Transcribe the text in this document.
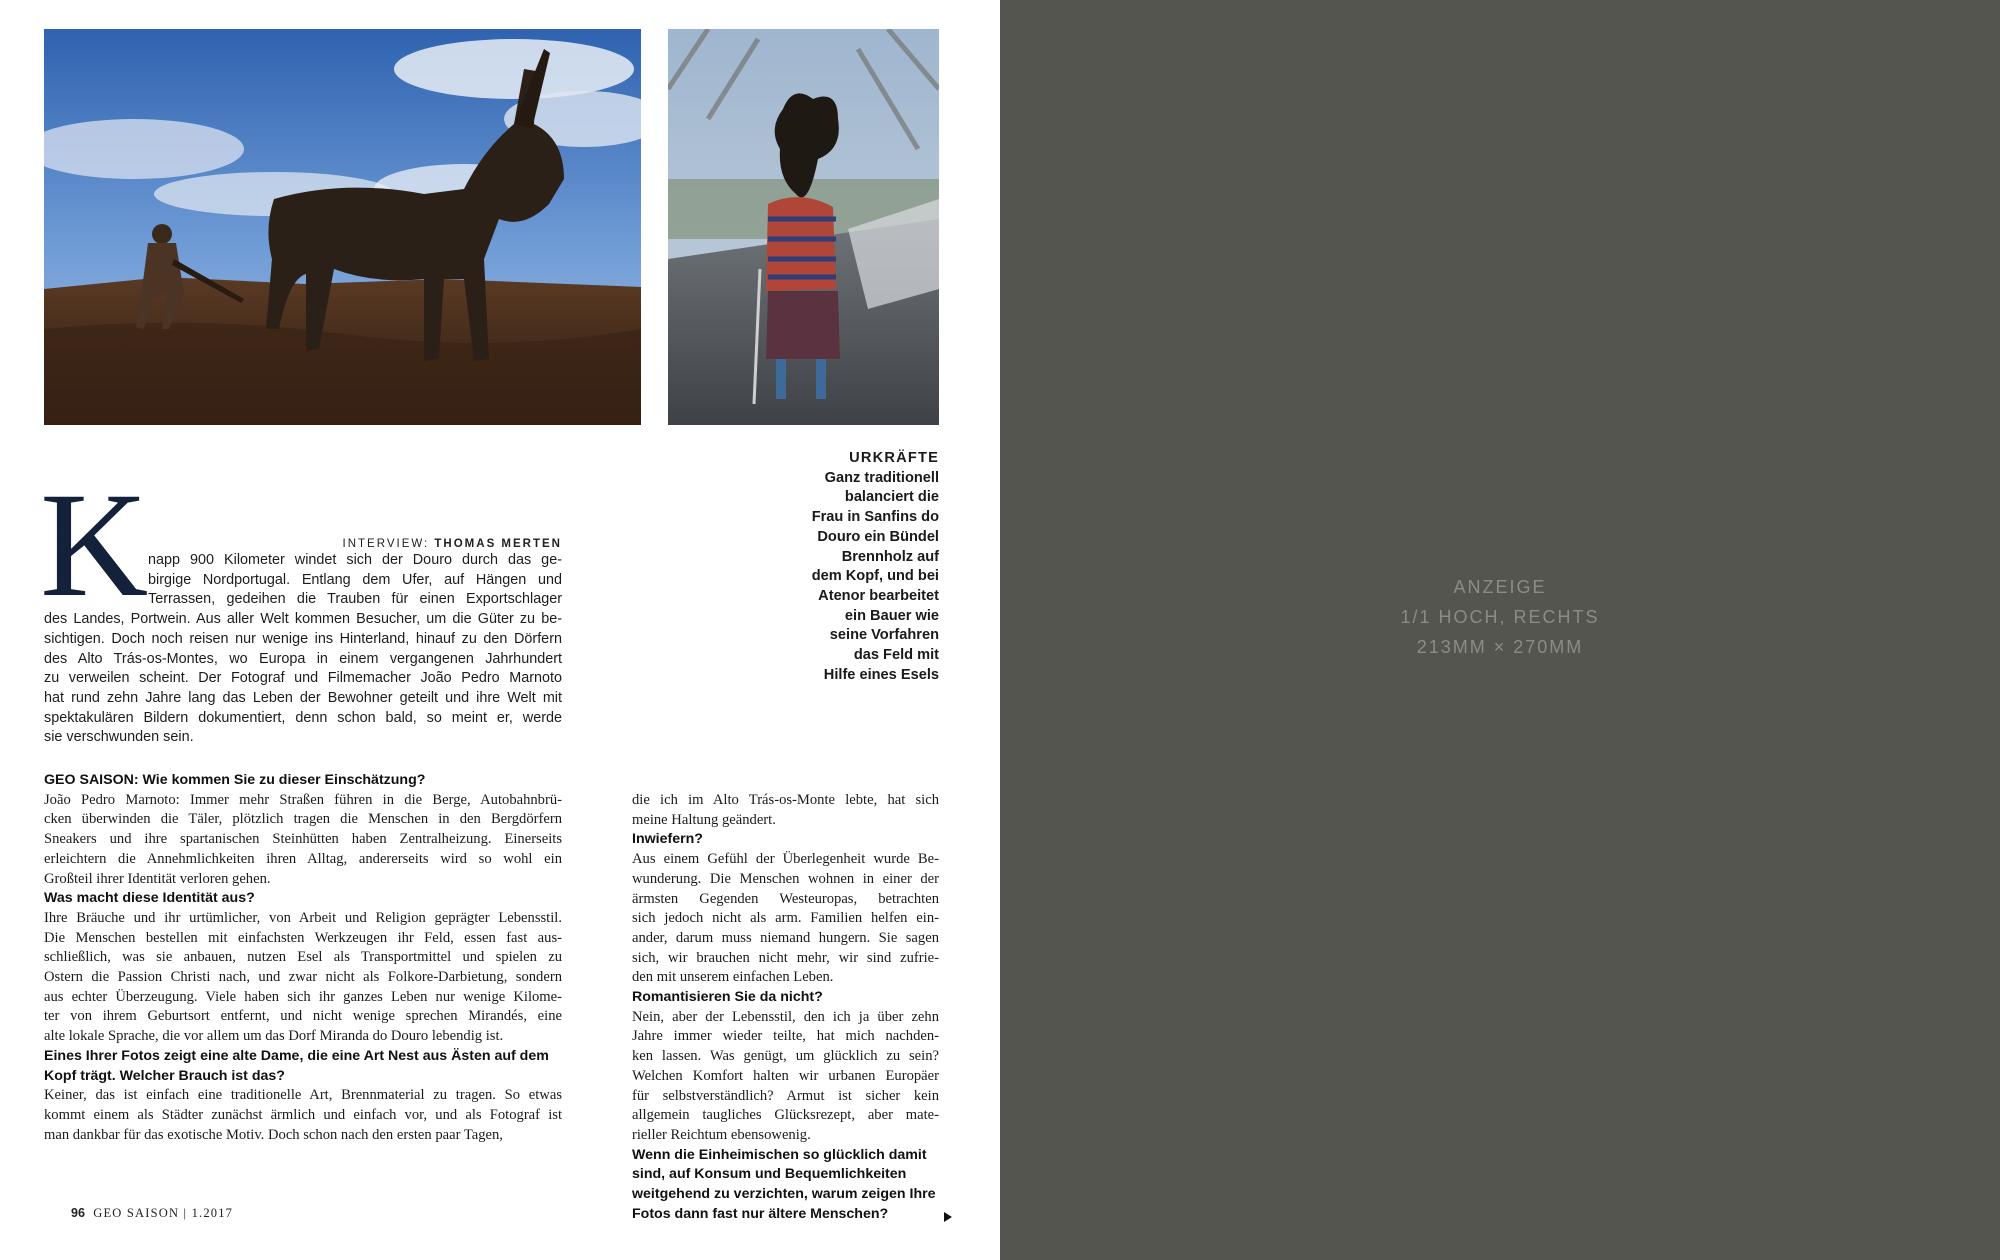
URKRÄFTE
Ganz traditionell
balanciert die
Frau in Sanfins do
Douro ein Bündel
Brennholz auf
dem Kopf, und bei
Atenor bearbeitet
ein Bauer wie
seine Vorfahren
das Feld mit
Hilfe eines Esels
K	INTERVIEW: THOMAS MERTEN
napp 900 Kilometer windet sich der Douro durch das ge-
birgige Nordportugal. Entlang dem Ufer, auf Hängen und
Terrassen, gedeihen die Trauben für einen Exportschlager
des Landes, Portwein. Aus aller Welt kommen Besucher, um die Güter zu be-
sichtigen. Doch noch reisen nur wenige ins Hinterland, hinauf zu den Dörfern
des Alto Trás-os-Montes, wo Europa in einem vergangenen Jahrhundert
zu verweilen scheint. Der Fotograf und Filmemacher João Pedro Marnoto
hat rund zehn Jahre lang das Leben der Bewohner geteilt und ihre Welt mit
spektakulären Bildern dokumentiert, denn schon bald, so meint er, werde
sie verschwunden sein.
GEO SAISON: Wie kommen Sie zu dieser Einschätzung?
João Pedro Marnoto: Immer mehr Straßen führen in die Berge, Autobahnbrü-
cken überwinden die Täler, plötzlich tragen die Menschen in den Bergdörfern
Sneakers und ihre spartanischen Steinhütten haben Zentralheizung. Einerseits
erleichtern die Annehmlichkeiten ihren Alltag, andererseits wird so wohl ein
Großteil ihrer Identität verloren gehen.
Was macht diese Identität aus?
Ihre Bräuche und ihr urtümlicher, von Arbeit und Religion geprägter Lebensstil.
Die Menschen bestellen mit einfachsten Werkzeugen ihr Feld, essen fast aus-
schließlich, was sie anbauen, nutzen Esel als Transportmittel und spielen zu
Ostern die Passion Christi nach, und zwar nicht als Folkore-Darbietung, sondern
aus echter Überzeugung. Viele haben sich ihr ganzes Leben nur wenige Kilome-
ter von ihrem Geburtsort entfernt, und nicht wenige sprechen Mirandés, eine
alte lokale Sprache, die vor allem um das Dorf Miranda do Douro lebendig ist.
Eines Ihrer Fotos zeigt eine alte Dame, die eine Art Nest aus Ästen auf dem
Kopf trägt. Welcher Brauch ist das?
Keiner, das ist einfach eine traditionelle Art, Brennmaterial zu tragen. So etwas
kommt einem als Städter zunächst ärmlich und einfach vor, und als Fotograf ist
man dankbar für das exotische Motiv. Doch schon nach den ersten paar Tagen,
die ich im Alto Trás-os-Monte lebte, hat sich
meine Haltung geändert.
Inwiefern?
Aus einem Gefühl der Überlegenheit wurde Be-
wunderung. Die Menschen wohnen in einer der
ärmsten Gegenden Westeuropas, betrachten
sich jedoch nicht als arm. Familien helfen ein-
ander, darum muss niemand hungern. Sie sagen
sich, wir brauchen nicht mehr, wir sind zufrie-
den mit unserem einfachen Leben.
Romantisieren Sie da nicht?
Nein, aber der Lebensstil, den ich ja über zehn
Jahre immer wieder teilte, hat mich nachden-
ken lassen. Was genügt, um glücklich zu sein?
Welchen Komfort halten wir urbanen Europäer
für selbstverständlich? Armut ist sicher kein
allgemein taugliches Glücksrezept, aber mate-
rieller Reichtum ebensowenig.
Wenn die Einheimischen so glücklich damit
sind, auf Konsum und Bequemlichkeiten
weitgehend zu verzichten, warum zeigen Ihre
Fotos dann fast nur ältere Menschen?
96 GEO SAISON | 1.2017
ANZEIGE
1/1 HOCH, RECHTS
213MM × 270MM
